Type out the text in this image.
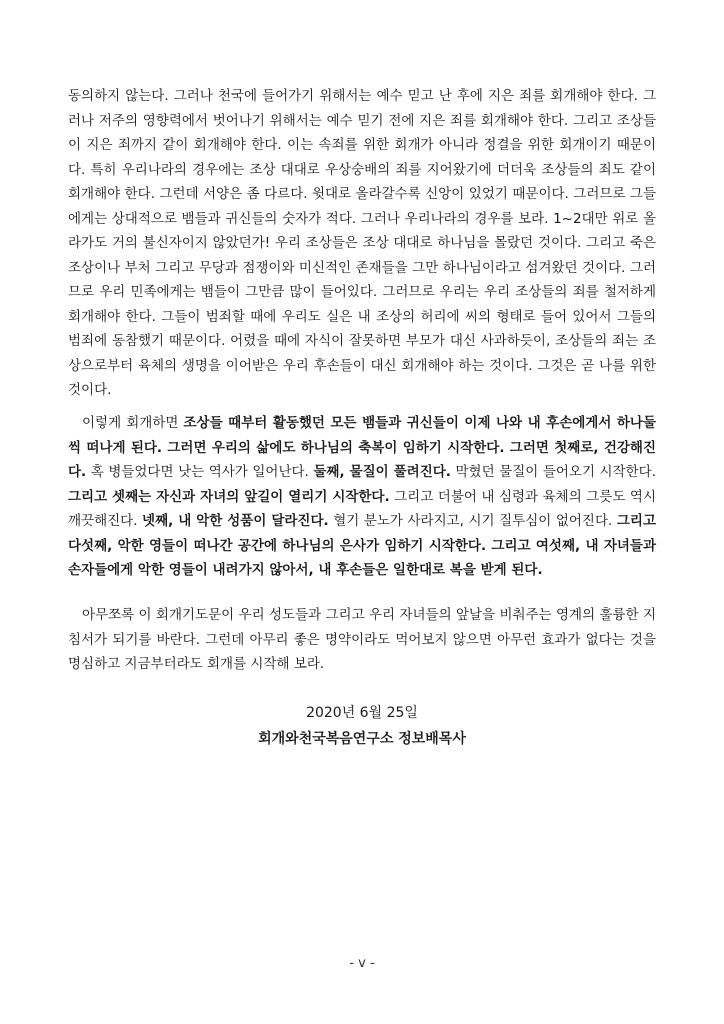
동의하지 않는다. 그러나 천국에 들어가기 위해서는 예수 믿고 난 후에 지은 죄를 회개해야 한다. 그러나 저주의 영향력에서 벗어나기 위해서는 예수 믿기 전에 지은 죄를 회개해야 한다. 그리고 조상들이 지은 죄까지 같이 회개해야 한다. 이는 속죄를 위한 회개가 아니라 정결을 위한 회개이기 때문이다. 특히 우리나라의 경우에는 조상 대대로 우상숭배의 죄를 지어왔기에 더더욱 조상들의 죄도 같이 회개해야 한다. 그런데 서양은 좀 다르다. 윗대로 올라갈수록 신앙이 있었기 때문이다. 그러므로 그들에게는 상대적으로 뱀들과 귀신들의 숫자가 적다. 그러나 우리나라의 경우를 보라. 1~2대만 위로 올라가도 거의 불신자이지 않았던가! 우리 조상들은 조상 대대로 하나님을 몰랐던 것이다. 그리고 죽은 조상이나 부처 그리고 무당과 점쟁이와 미신적인 존재들을 그만 하나님이라고 섬겨왔던 것이다. 그러므로 우리 민족에게는 뱀들이 그만큼 많이 들어있다. 그러므로 우리는 우리 조상들의 죄를 철저하게 회개해야 한다. 그들이 범죄할 때에 우리도 실은 내 조상의 허리에 씨의 형태로 들어 있어서 그들의 범죄에 동참했기 때문이다. 어렸을 때에 자식이 잘못하면 부모가 대신 사과하듯이, 조상들의 죄는 조상으로부터 육체의 생명을 이어받은 우리 후손들이 대신 회개해야 하는 것이다. 그것은 곧 나를 위한 것이다.

이렇게 회개하면 조상들 때부터 활동했던 모든 뱀들과 귀신들이 이제 나와 내 후손에게서 하나둘씩 떠나게 된다. 그러면 우리의 삶에도 하나님의 축복이 임하기 시작한다. 그러면 첫째로, 건강해진다. 혹 병들었다면 낫는 역사가 일어난다. 둘째, 물질이 풀려진다. 막혔던 물질이 들어오기 시작한다. 그리고 셋째는 자신과 자녀의 앞길이 열리기 시작한다. 그리고 더불어 내 심령과 육체의 그릇도 역시 깨끗해진다. 넷째, 내 악한 성품이 달라진다. 혈기 분노가 사라지고, 시기 질투심이 없어진다. 그리고 다섯째, 악한 영들이 떠나간 공간에 하나님의 은사가 임하기 시작한다. 그리고 여섯째, 내 자녀들과 손자들에게 악한 영들이 내려가지 않아서, 내 후손들은 일한대로 복을 받게 된다.

아무쪼록 이 회개기도문이 우리 성도들과 그리고 우리 자녀들의 앞날을 비춰주는 영계의 훌륭한 지침서가 되기를 바란다. 그런데 아무리 좋은 명약이라도 먹어보지 않으면 아무런 효과가 없다는 것을 명심하고 지금부터라도 회개를 시작해 보라.

2020년 6월 25일
회개와천국복음연구소 정보배목사
- v -
